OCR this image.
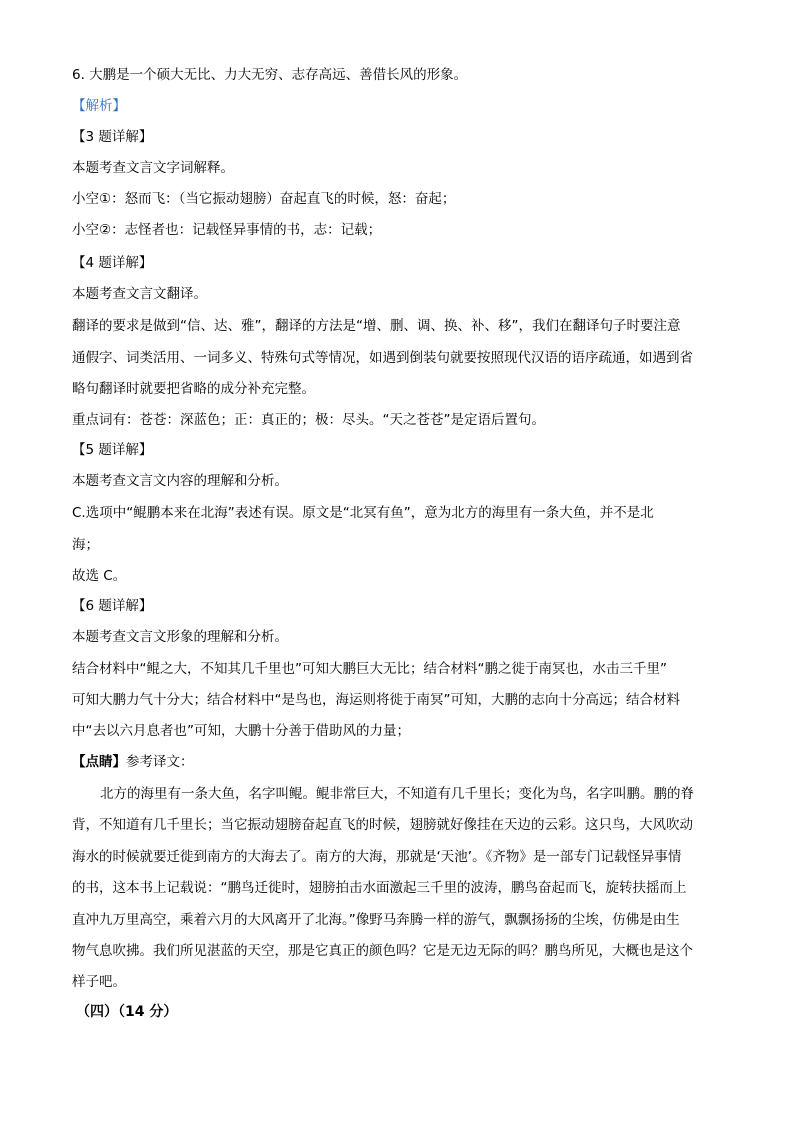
6. 大鹏是一个硕大无比、力大无穷、志存高远、善借长风的形象。
【解析】
【3 题详解】
本题考查文言文字词解释。
小空①：怒而飞：（当它振动翅膀）奋起直飞的时候，怒：奋起；
小空②：志怪者也：记载怪异事情的书，志：记载；
【4 题详解】
本题考查文言文翻译。
翻译的要求是做到“信、达、雅”，翻译的方法是“增、删、调、换、补、移”，我们在翻译句子时要注意
通假字、词类活用、一词多义、特殊句式等情况，如遇到倒装句就要按照现代汉语的语序疏通，如遇到省
略句翻译时就要把省略的成分补充完整。
重点词有：苍苍：深蓝色；正：真正的；极：尽头。“天之苍苍”是定语后置句。
【5 题详解】
本题考查文言文内容的理解和分析。
C.选项中“鲲鹏本来在北海”表述有误。原文是“北冥有鱼”，意为北方的海里有一条大鱼，并不是北
海；
故选 C。
【6 题详解】
本题考查文言文形象的理解和分析。
结合材料中“鲲之大，不知其几千里也”可知大鹏巨大无比；结合材料“鹏之徙于南冥也，水击三千里”
可知大鹏力气十分大；结合材料中“是鸟也，海运则将徙于南冥”可知，大鹏的志向十分高远；结合材料
中“去以六月息者也”可知，大鹏十分善于借助风的力量；
【点睛】参考译文：
北方的海里有一条大鱼，名字叫鲲。鲲非常巨大，不知道有几千里长；变化为鸟，名字叫鹏。鹏的脊
背，不知道有几千里长；当它振动翅膀奋起直飞的时候，翅膀就好像挂在天边的云彩。这只鸟，大风吹动
海水的时候就要迁徙到南方的大海去了。南方的大海，那就是‘天池’。《齐物》是一部专门记载怪异事情
的书，这本书上记载说：“鹏鸟迁徙时，翅膀拍击水面激起三千里的波涛，鹏鸟奋起而飞，旋转扶摇而上
直冲九万里高空，乘着六月的大风离开了北海。”像野马奔腾一样的游气，飘飘扬扬的尘埃，仿佛是由生
物气息吹拂。我们所见湛蓝的天空，那是它真正的颜色吗？它是无边无际的吗？鹏鸟所见，大概也是这个
样子吧。
（四）（14 分）
